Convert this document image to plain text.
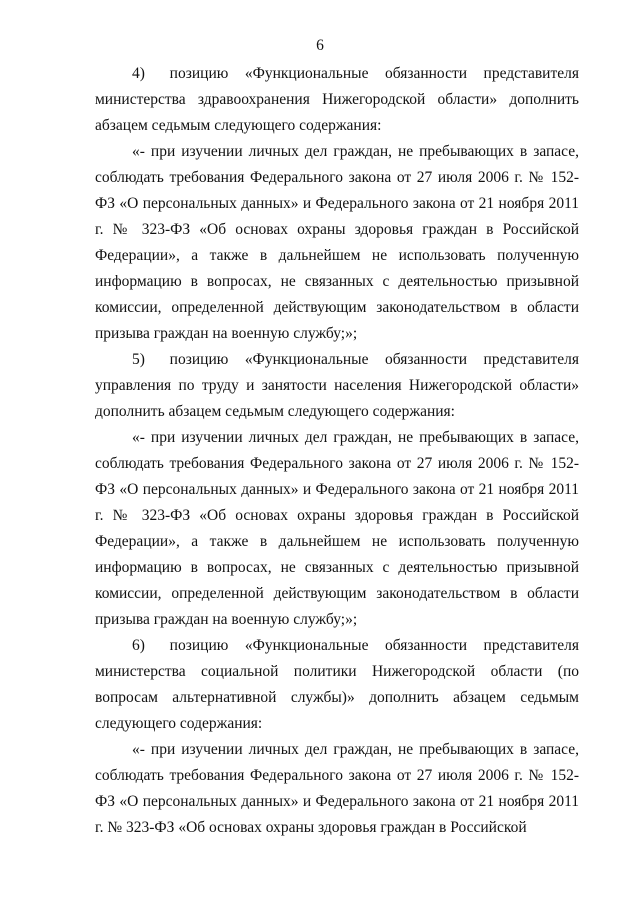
6

4)      позицию    «Функциональные    обязанности    представителя министерства здравоохранения Нижегородской области» дополнить абзацем седьмым следующего содержания:

«- при изучении личных дел граждан, не пребывающих в запасе, соблюдать требования Федерального закона от 27 июля 2006 г. № 152-ФЗ «О персональных данных» и Федерального закона от 21 ноября 2011 г. № 323-ФЗ «Об основах охраны здоровья граждан в Российской Федерации», а также в дальнейшем не использовать полученную информацию в вопросах, не связанных с деятельностью призывной комиссии, определенной действующим законодательством в области призыва граждан на военную службу;»;

5)      позицию    «Функциональные    обязанности    представителя управления по труду и занятости населения Нижегородской области» дополнить абзацем седьмым следующего содержания:

«- при изучении личных дел граждан, не пребывающих в запасе, соблюдать требования Федерального закона от 27 июля 2006 г. № 152-ФЗ «О персональных данных» и Федерального закона от 21 ноября 2011 г. № 323-ФЗ «Об основах охраны здоровья граждан в Российской Федерации», а также в дальнейшем не использовать полученную информацию в вопросах, не связанных с деятельностью призывной комиссии, определенной действующим законодательством в области призыва граждан на военную службу;»;

6)      позицию    «Функциональные    обязанности    представителя министерства социальной политики Нижегородской области (по вопросам альтернативной службы)» дополнить абзацем седьмым следующего содержания:

«- при изучении личных дел граждан, не пребывающих в запасе, соблюдать требования Федерального закона от 27 июля 2006 г. № 152-ФЗ «О персональных данных» и Федерального закона от 21 ноября 2011 г. № 323-ФЗ «Об основах охраны здоровья граждан в Российской
